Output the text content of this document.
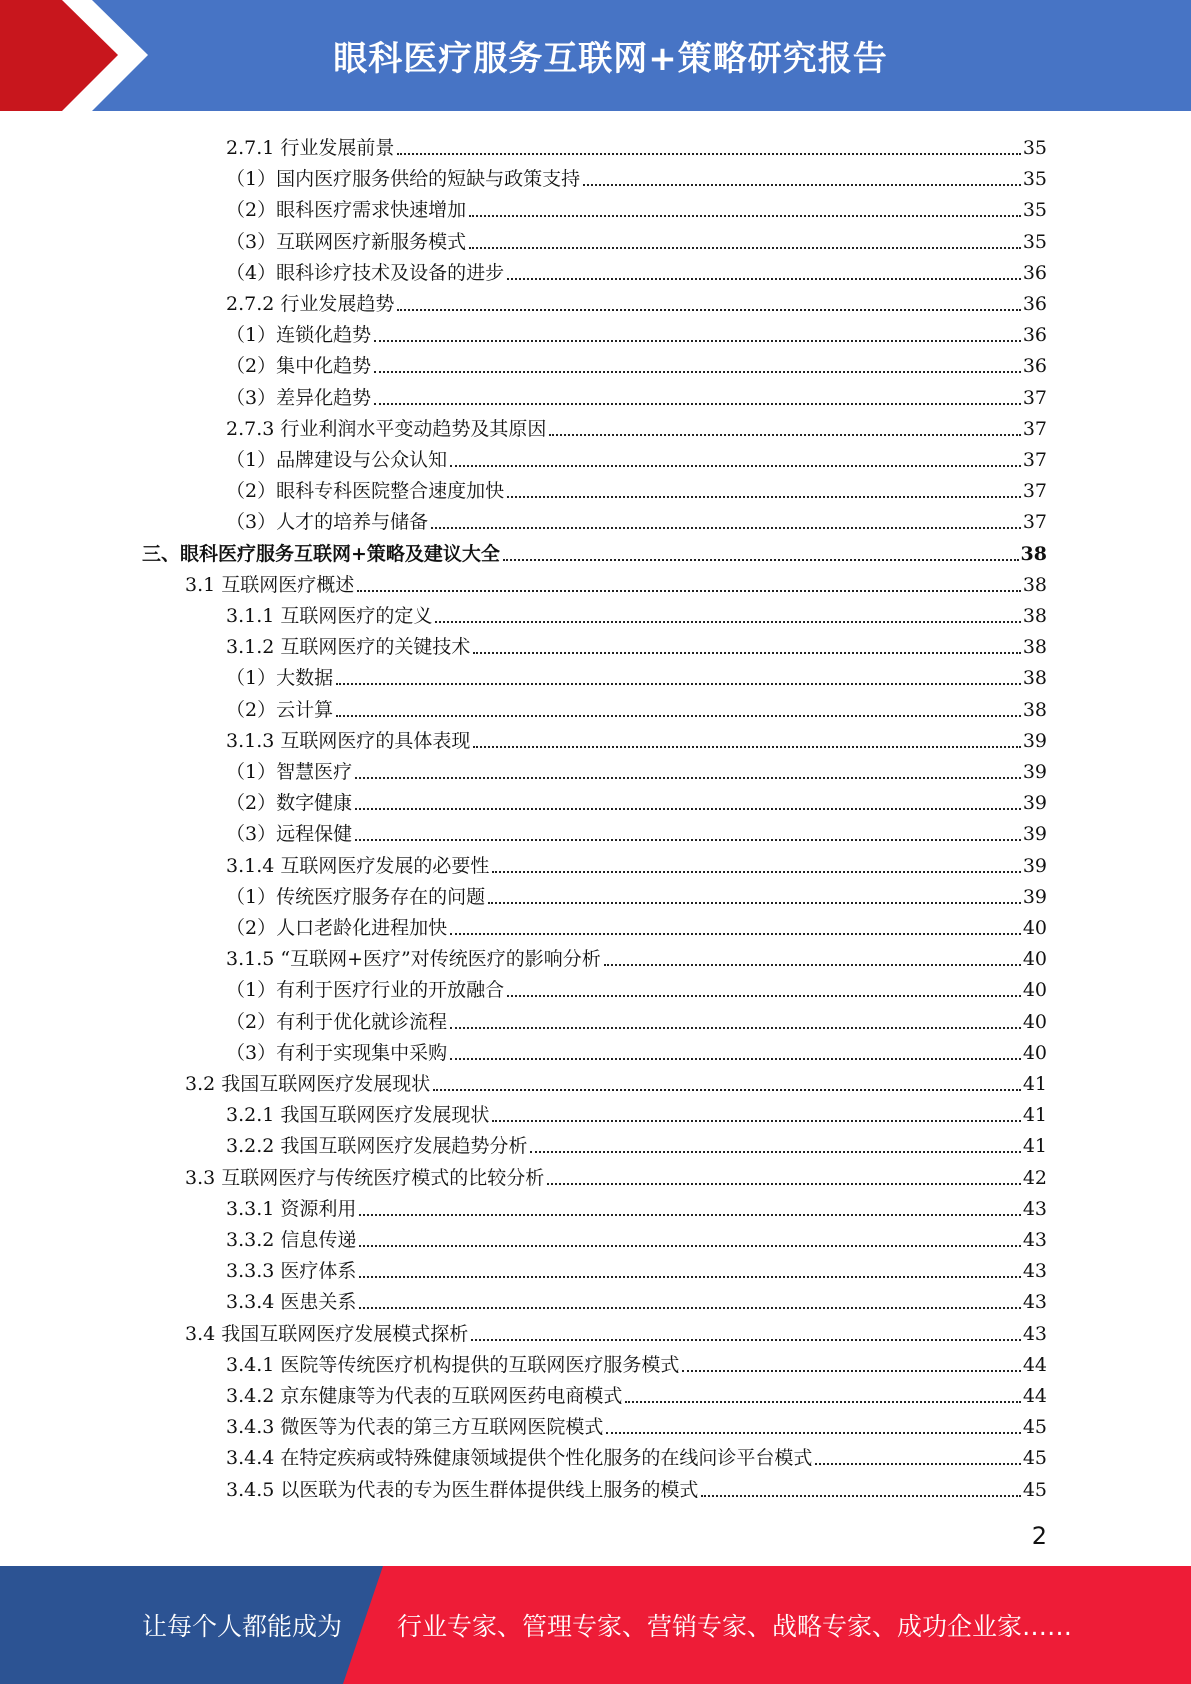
眼科医疗服务互联网+策略研究报告
2.7.1 行业发展前景	35
（1）国内医疗服务供给的短缺与政策支持	35
（2）眼科医疗需求快速增加	35
（3）互联网医疗新服务模式	35
（4）眼科诊疗技术及设备的进步	36
2.7.2 行业发展趋势	36
（1）连锁化趋势	36
（2）集中化趋势	36
（3）差异化趋势	37
2.7.3 行业利润水平变动趋势及其原因	37
（1）品牌建设与公众认知	37
（2）眼科专科医院整合速度加快	37
（3）人才的培养与储备	37
三、眼科医疗服务互联网+策略及建议大全	38
3.1 互联网医疗概述	38
3.1.1 互联网医疗的定义	38
3.1.2 互联网医疗的关键技术	38
（1）大数据	38
（2）云计算	38
3.1.3 互联网医疗的具体表现	39
（1）智慧医疗	39
（2）数字健康	39
（3）远程保健	39
3.1.4 互联网医疗发展的必要性	39
（1）传统医疗服务存在的问题	39
（2）人口老龄化进程加快	40
3.1.5 “互联网+医疗”对传统医疗的影响分析	40
（1）有利于医疗行业的开放融合	40
（2）有利于优化就诊流程	40
（3）有利于实现集中采购	40
3.2 我国互联网医疗发展现状	41
3.2.1 我国互联网医疗发展现状	41
3.2.2 我国互联网医疗发展趋势分析	41
3.3 互联网医疗与传统医疗模式的比较分析	42
3.3.1 资源利用	43
3.3.2 信息传递	43
3.3.3 医疗体系	43
3.3.4 医患关系	43
3.4 我国互联网医疗发展模式探析	43
3.4.1 医院等传统医疗机构提供的互联网医疗服务模式	44
3.4.2 京东健康等为代表的互联网医药电商模式	44
3.4.3 微医等为代表的第三方互联网医院模式	45
3.4.4 在特定疾病或特殊健康领域提供个性化服务的在线问诊平台模式	45
3.4.5 以医联为代表的专为医生群体提供线上服务的模式	45
2
让每个人都能成为 行业专家、管理专家、营销专家、战略专家、成功企业家……
